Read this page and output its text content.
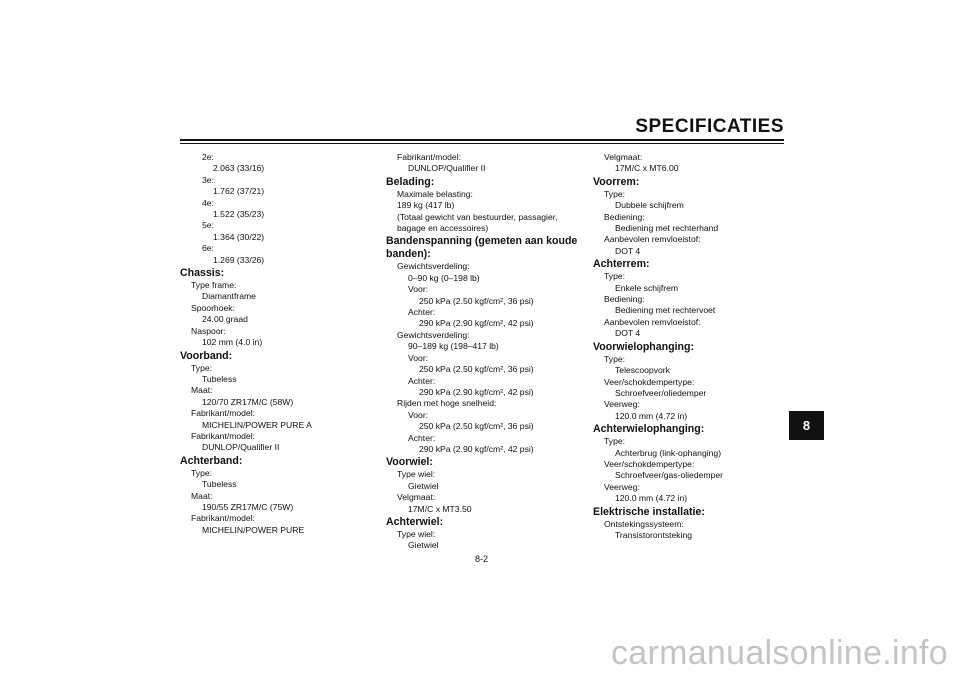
SPECIFICATIES
2e:
2.063 (33/16)
3e:
1.762 (37/21)
4e:
1.522 (35/23)
5e:
1.364 (30/22)
6e:
1.269 (33/26)
Chassis:
Type frame:
Diamantframe
Spoorhoek:
24.00 graad
Naspoor:
102 mm (4.0 in)
Voorband:
Type:
Tubeless
Maat:
120/70 ZR17M/C (58W)
Fabrikant/model:
MICHELIN/POWER PURE A
Fabrikant/model:
DUNLOP/Qualifier II
Achterband:
Type:
Tubeless
Maat:
190/55 ZR17M/C (75W)
Fabrikant/model:
MICHELIN/POWER PURE
Fabrikant/model:
DUNLOP/Qualifier II
Belading:
Maximale belasting:
189 kg (417 lb)
(Totaal gewicht van bestuurder, passagier,
bagage en accessoires)
Bandenspanning (gemeten aan koude banden):
Gewichtsverdeling:
0–90 kg (0–198 lb)
Voor:
250 kPa (2.50 kgf/cm², 36 psi)
Achter:
290 kPa (2.90 kgf/cm², 42 psi)
Gewichtsverdeling:
90–189 kg (198–417 lb)
Voor:
250 kPa (2.50 kgf/cm², 36 psi)
Achter:
290 kPa (2.90 kgf/cm², 42 psi)
Rijden met hoge snelheid:
Voor:
250 kPa (2.50 kgf/cm², 36 psi)
Achter:
290 kPa (2.90 kgf/cm², 42 psi)
Voorwiel:
Type wiel:
Gietwiel
Velgmaat:
17M/C x MT3.50
Achterwiel:
Type wiel:
Gietwiel
Velgmaat:
17M/C x MT6.00
Voorrem:
Type:
Dubbele schijfrem
Bediening:
Bediening met rechterhand
Aanbevolen remvloeistof:
DOT 4
Achterrem:
Type:
Enkele schijfrem
Bediening:
Bediening met rechtervoet
Aanbevolen remvloeistof:
DOT 4
Voorwielophanging:
Type:
Telescoopvork
Veer/schokdempertype:
Schroefveer/oliedemper
Veerweg:
120.0 mm (4.72 in)
Achterwielophanging:
Type:
Achterbrug (link-ophanging)
Veer/schokdempertype:
Schroefveer/gas-oliedemper
Veerweg:
120.0 mm (4.72 in)
Elektrische installatie:
Ontstekingssysteem:
Transistorontsteking
8-2
8
carmanualsonline.info
